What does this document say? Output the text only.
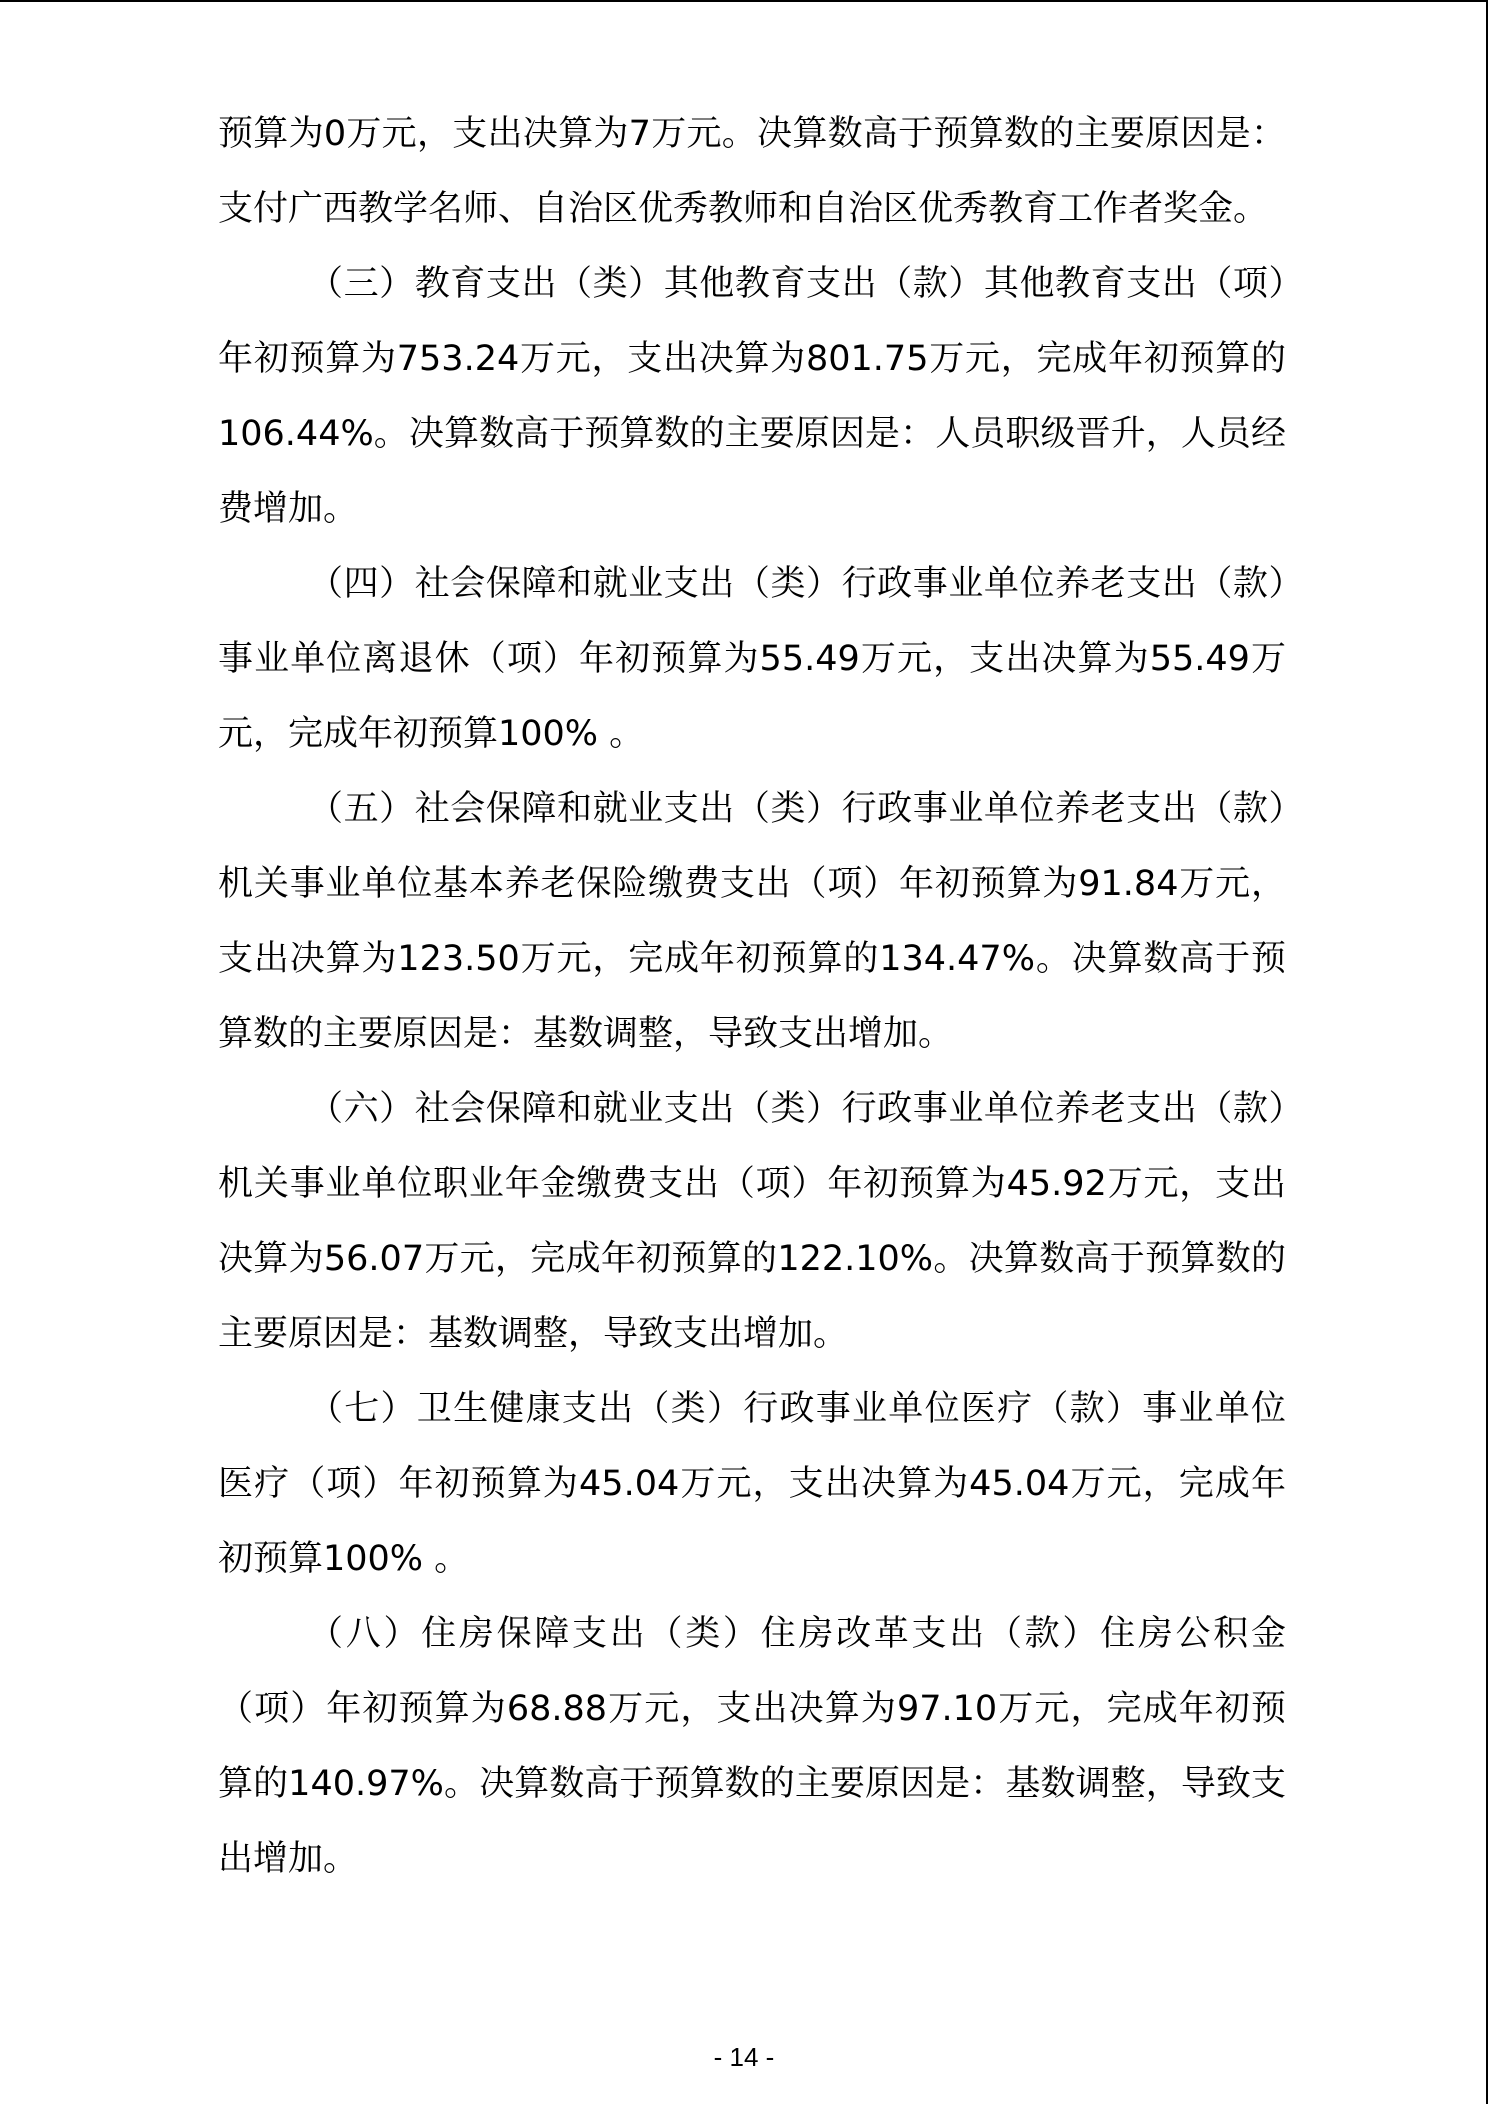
预算为0万元，支出决算为7万元。决算数高于预算数的主要原因是：支付广西教学名师、自治区优秀教师和自治区优秀教育工作者奖金。

（三）教育支出（类）其他教育支出（款）其他教育支出（项）年初预算为753.24万元，支出决算为801.75万元，完成年初预算的106.44%。决算数高于预算数的主要原因是：人员职级晋升，人员经费增加。

（四）社会保障和就业支出（类）行政事业单位养老支出（款）事业单位离退休（项）年初预算为55.49万元，支出决算为55.49万元，完成年初预算100% 。

（五）社会保障和就业支出（类）行政事业单位养老支出（款）机关事业单位基本养老保险缴费支出（项）年初预算为91.84万元，支出决算为123.50万元，完成年初预算的134.47%。决算数高于预算数的主要原因是：基数调整，导致支出增加。

（六）社会保障和就业支出（类）行政事业单位养老支出（款）机关事业单位职业年金缴费支出（项）年初预算为45.92万元，支出决算为56.07万元，完成年初预算的122.10%。决算数高于预算数的主要原因是：基数调整，导致支出增加。

（七）卫生健康支出（类）行政事业单位医疗（款）事业单位医疗（项）年初预算为45.04万元，支出决算为45.04万元，完成年初预算100% 。

（八）住房保障支出（类）住房改革支出（款）住房公积金（项）年初预算为68.88万元，支出决算为97.10万元，完成年初预算的140.97%。决算数高于预算数的主要原因是：基数调整，导致支出增加。

- 14 -
